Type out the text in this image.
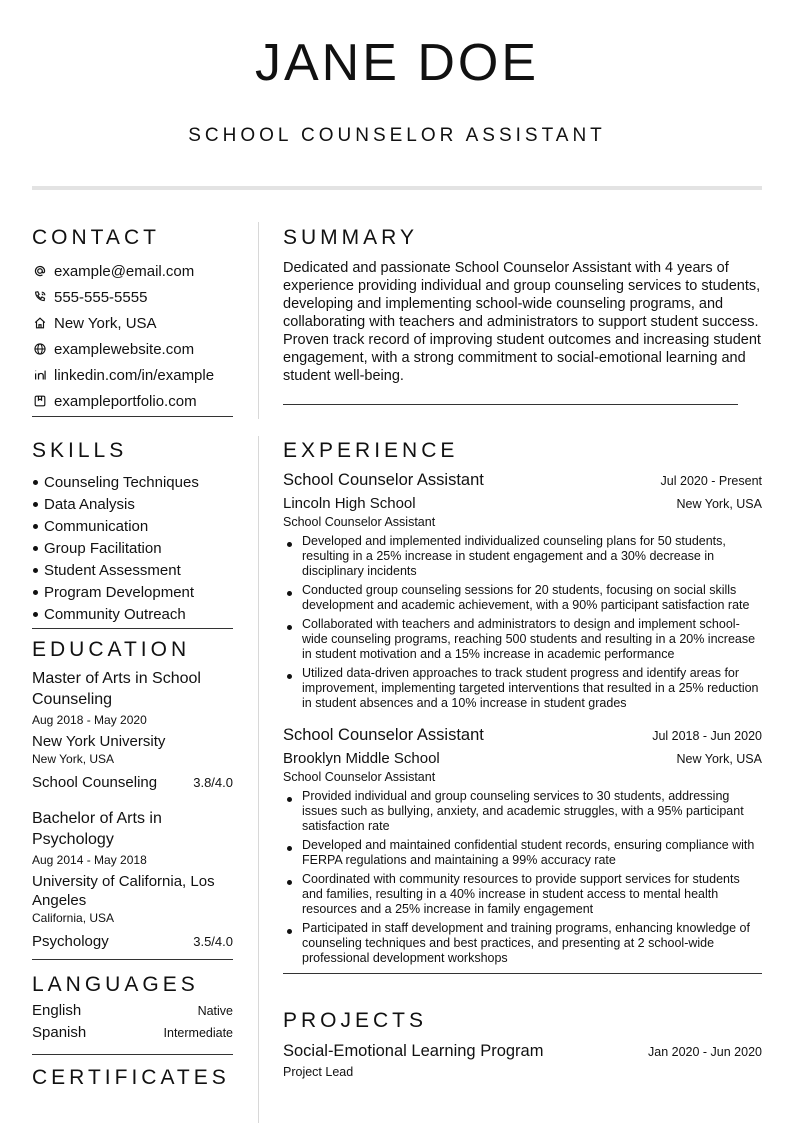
JANE DOE
SCHOOL COUNSELOR ASSISTANT
CONTACT
example@email.com
555-555-5555
New York, USA
examplewebsite.com
linkedin.com/in/example
exampleportfolio.com
SKILLS
Counseling Techniques
Data Analysis
Communication
Group Facilitation
Student Assessment
Program Development
Community Outreach
EDUCATION
Master of Arts in School Counseling
Aug 2018 - May 2020
New York University
New York, USA
School Counseling	3.8/4.0
Bachelor of Arts in Psychology
Aug 2014 - May 2018
University of California, Los Angeles
California, USA
Psychology	3.5/4.0
LANGUAGES
English	Native
Spanish	Intermediate
CERTIFICATES
SUMMARY
Dedicated and passionate School Counselor Assistant with 4 years of experience providing individual and group counseling services to students, developing and implementing school-wide counseling programs, and collaborating with teachers and administrators to support student success. Proven track record of improving student outcomes and increasing student engagement, with a strong commitment to social-emotional learning and student well-being.
EXPERIENCE
School Counselor Assistant	Jul 2020 - Present
Lincoln High School	New York, USA
School Counselor Assistant
Developed and implemented individualized counseling plans for 50 students, resulting in a 25% increase in student engagement and a 30% decrease in disciplinary incidents
Conducted group counseling sessions for 20 students, focusing on social skills development and academic achievement, with a 90% participant satisfaction rate
Collaborated with teachers and administrators to design and implement school-wide counseling programs, reaching 500 students and resulting in a 20% increase in student motivation and a 15% increase in academic performance
Utilized data-driven approaches to track student progress and identify areas for improvement, implementing targeted interventions that resulted in a 25% reduction in student absences and a 10% increase in student grades
School Counselor Assistant	Jul 2018 - Jun 2020
Brooklyn Middle School	New York, USA
School Counselor Assistant
Provided individual and group counseling services to 30 students, addressing issues such as bullying, anxiety, and academic struggles, with a 95% participant satisfaction rate
Developed and maintained confidential student records, ensuring compliance with FERPA regulations and maintaining a 99% accuracy rate
Coordinated with community resources to provide support services for students and families, resulting in a 40% increase in student access to mental health resources and a 25% increase in family engagement
Participated in staff development and training programs, enhancing knowledge of counseling techniques and best practices, and presenting at 2 school-wide professional development workshops
PROJECTS
Social-Emotional Learning Program	Jan 2020 - Jun 2020
Project Lead
